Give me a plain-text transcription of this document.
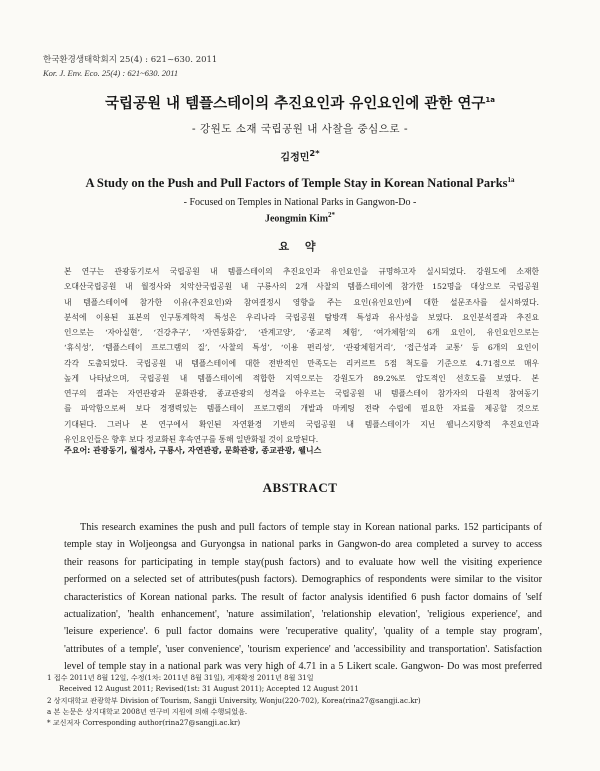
한국환경생태학회지 25(4) : 621~630. 2011
Kor. J. Env. Eco. 25(4) : 621~630. 2011
국립공원 내 템플스테이의 추진요인과 유인요인에 관한 연구$^{1a}$
- 강원도 소재 국립공원 내 사찰을 중심으로 -
김정민$^{2*}$
A Study on the Push and Pull Factors of Temple Stay in Korean National Parks$^{1a}$
- Focused on Temples in National Parks in Gangwon-Do -
Jeongmin Kim$^{2*}$
요 약
본 연구는 관광동기로서 국립공원 내 템플스테이의 추진요인과 유인요인을 규명하고자 실시되었다. 강원도에 소재한
오대산국립공원 내 월정사와 치악산국립공원 내 구룡사의 2개 사찰의 템플스테이에 참가한 152명을 대상으로 국립공원
내 템플스테이에 참가한 이유(추진요인)와 참여결정시 영향을 주는 요인(유인요인)에 대한 설문조사를 실시하였다.
분석에 이용된 표본의 인구통계학적 특성은 우리나라 국립공원 탐방객 특성과 유사성을 보였다. 요인분석결과 추진요
인으로는 ‘자아실현’, ‘건강추구’, ‘자연동화감’, ‘관계고양’, ‘종교적 체험’, ‘여가체험’의 6개 요인이, 유인요인으로는
‘휴식성’, ‘템플스테이 프로그램의 질’, ‘사찰의 특성’, ‘이용 편리성’, ‘관광체험거리’, ‘접근성과 교통’ 등 6개의 요인이
각각 도출되었다. 국립공원 내 템플스테이에 대한 전반적인 만족도는 리커르트 5점 척도를 기준으로 4.71점으로 매우
높게 나타났으며, 국립공원 내 템플스테이에 적합한 지역으로는 강원도가 89.2%로 압도적인 선호도를 보였다. 본
연구의 결과는 자연관광과 문화관광, 종교관광의 성격을 아우르는 국립공원 내 템플스테이 참가자의 다원적 참여동기
를 파악함으로써 보다 경쟁력있는 템플스테이 프로그램의 개발과 마케팅 전략 수립에 필요한 자료를 제공할 것으로
기대된다. 그러나 본 연구에서 확인된 자연환경 기반의 국립공원 내 템플스테이가 지닌 웰니스지향적 추진요인과
유인요인들은 향후 보다 정교화된 후속연구를 통해 일반화될 것이 요망된다.
주요어: 관광동기, 월정사, 구룡사, 자연관광, 문화관광, 종교관광, 웰니스
ABSTRACT
This research examines the push and pull factors of temple stay in Korean national parks. 152 participants of
temple stay in Woljeongsa and Guryongsa in national parks in Gangwon-do area completed a survey to access
their reasons for participating in temple stay(push factors) and to evaluate how well the visiting experience
performed on a selected set of attributes(push factors). Demographics of respondents were similar to the visitor
characteristics of Korean national parks. The result of factor analysis identified 6 push factor domains of 'self
actualization', 'health enhancement', 'nature assimilation', 'relationship elevation', 'religious experience', and
'leisure experience'. 6 pull factor domains were 'recuperative quality', 'quality of a temple stay program',
'attributes of a temple', 'user convenience', 'tourism experience' and 'accessibility and transportation'. Satisfaction
level of temple stay in a national park was very high of 4.71 in a 5 Likert scale. Gangwon- Do was most preferred
1 접수 2011년 8월 12일, 수정(1차: 2011년 8월 31일), 게재확정 2011년 8월 31일
Received 12 August 2011; Revised(1st: 31 August 2011); Accepted 12 August 2011
2 상지대학교 관광학부 Division of Tourism, Sangji University, Wonju(220-702), Korea(rina27@sangji.ac.kr)
a 본 논문은 상지대학교 2008년 연구비 지원에 의해 수행되었음.
* 교신저자 Corresponding author(rina27@sangji.ac.kr)
